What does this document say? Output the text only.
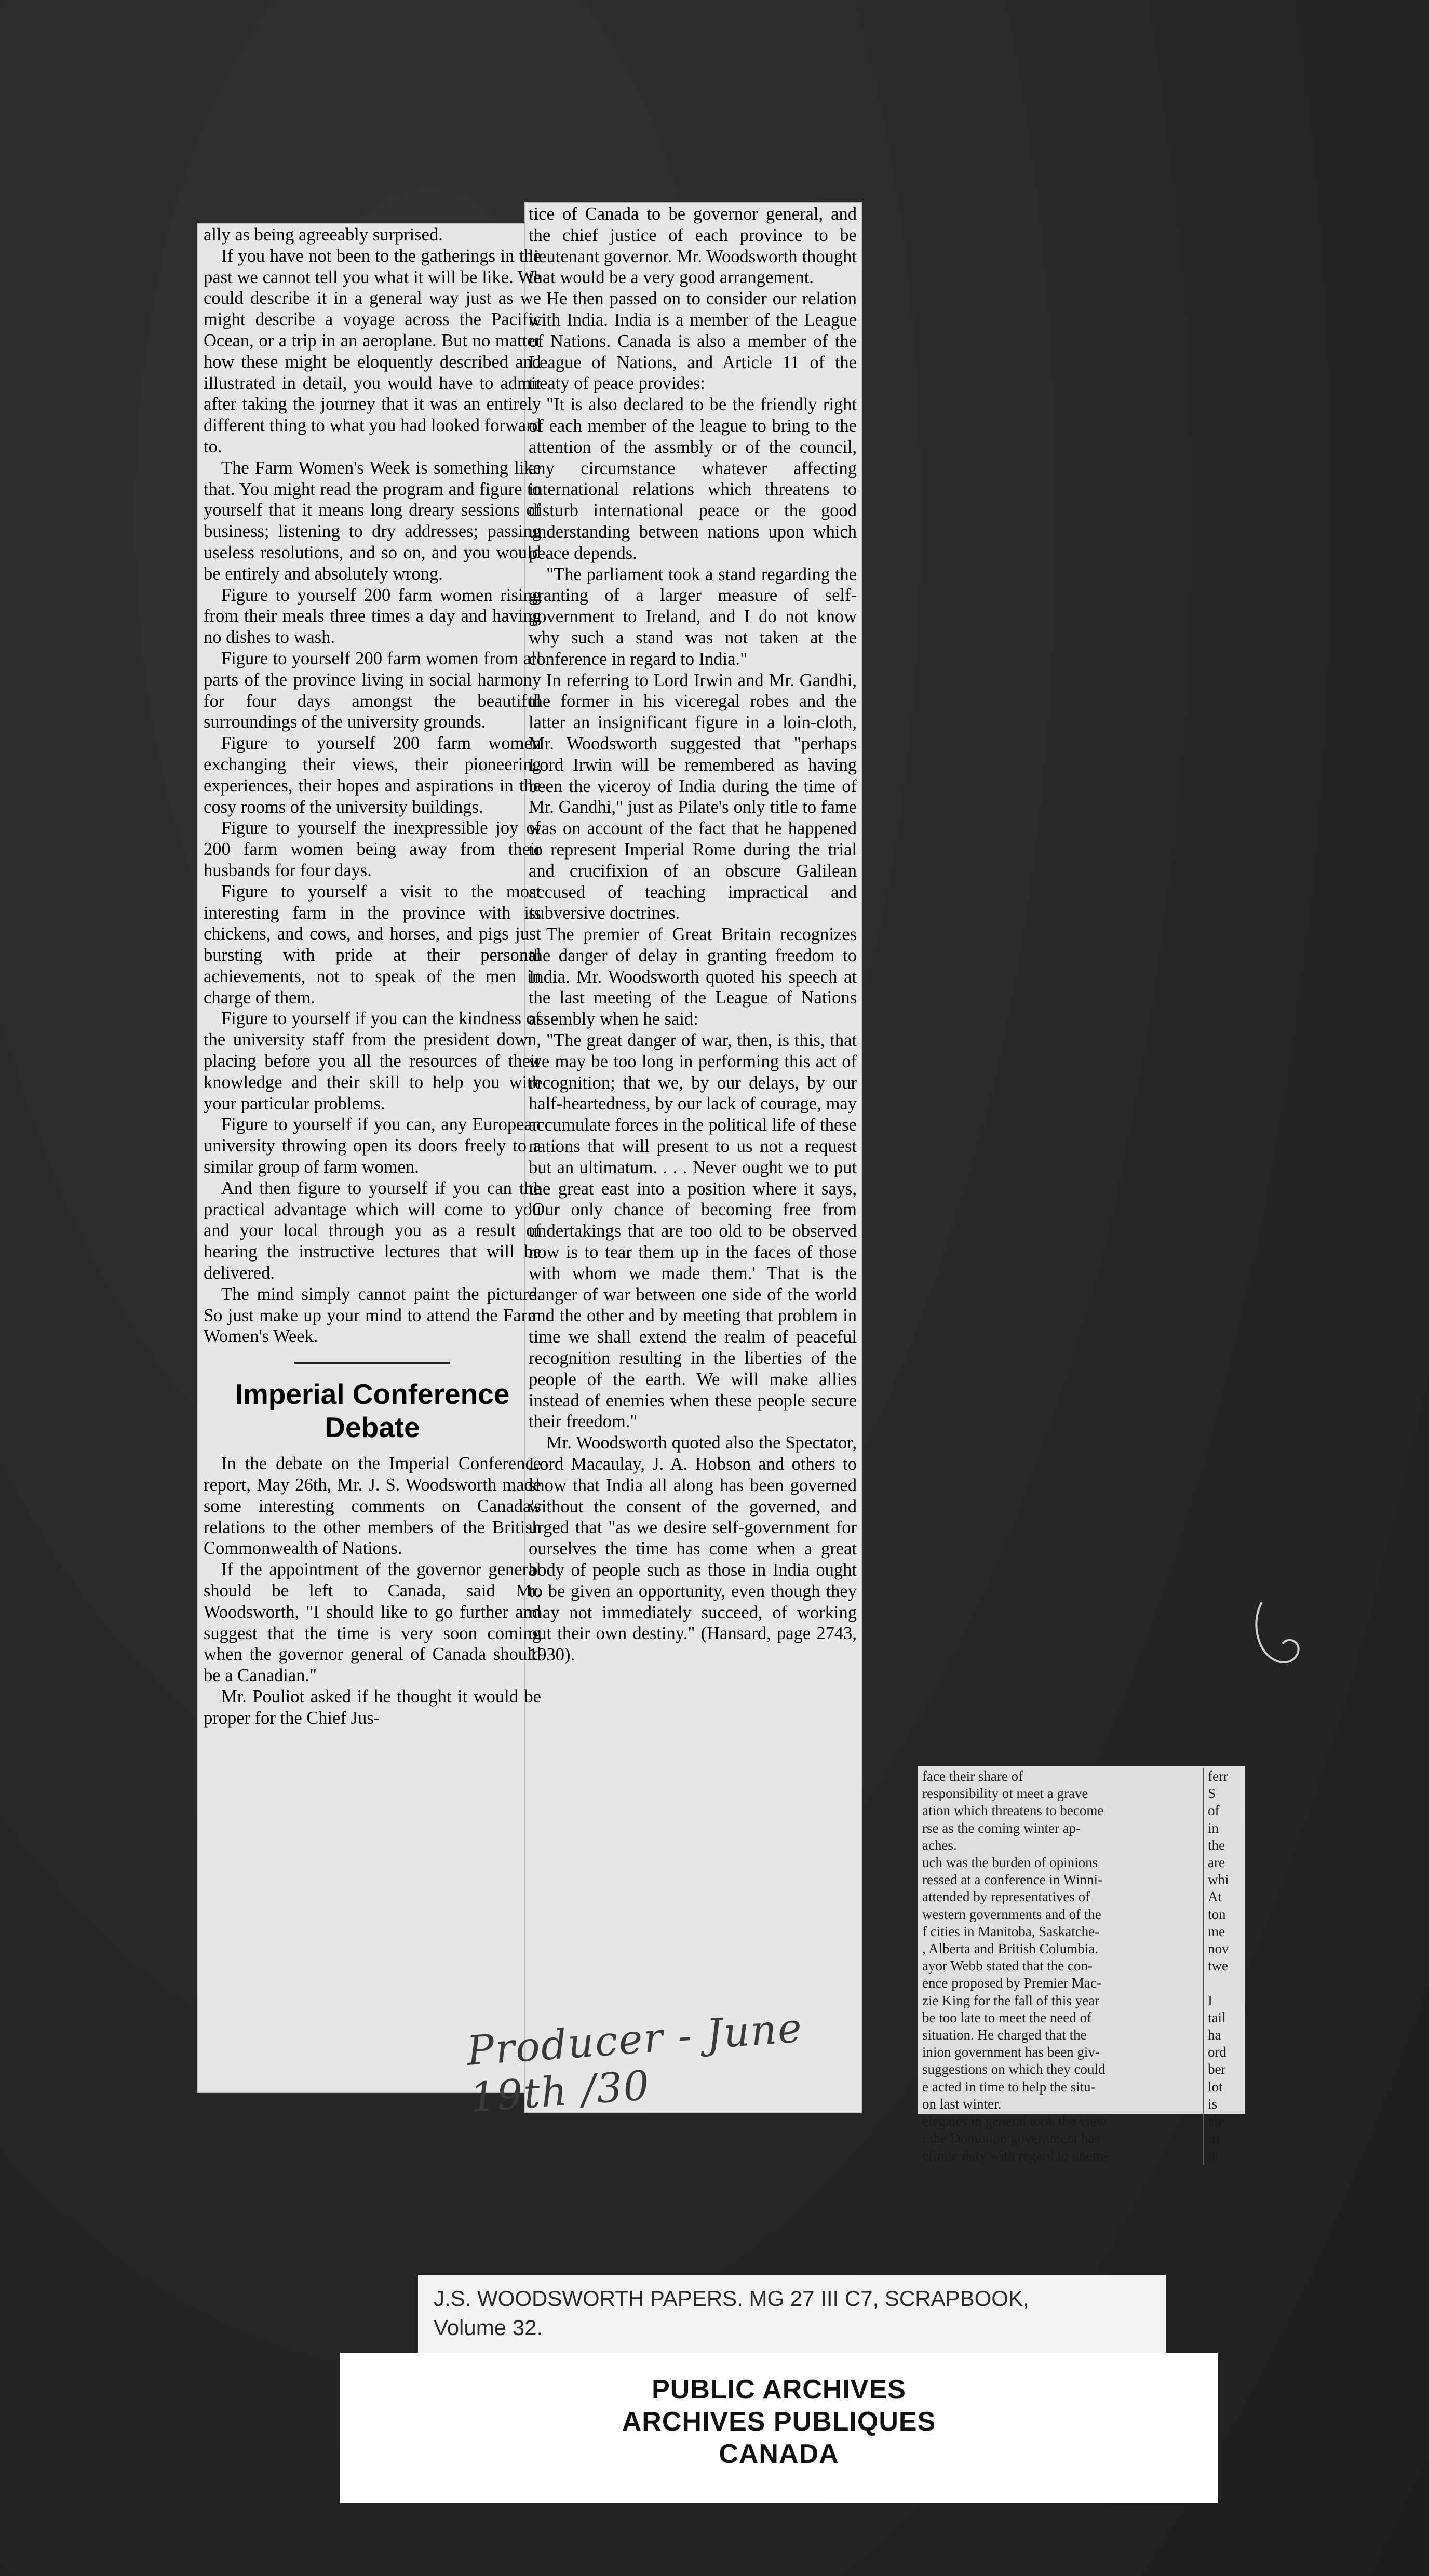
ally as being agreeably surprised.

If you have not been to the gatherings in the past we cannot tell you what it will be like. We could describe it in a general way just as we might describe a voyage across the Pacific Ocean, or a trip in an aeroplane. But no matter how these might be eloquently described and illustrated in detail, you would have to admit after taking the journey that it was an entirely different thing to what you had looked forward to.

The Farm Women's Week is something like that. You might read the program and figure to yourself that it means long dreary sessions of business; listening to dry addresses; passing useless resolutions, and so on, and you would be entirely and absolutely wrong.

Figure to yourself 200 farm women rising from their meals three times a day and having no dishes to wash.

Figure to yourself 200 farm women from all parts of the province living in social harmony for four days amongst the beautiful surroundings of the university grounds.

Figure to yourself 200 farm women exchanging their views, their pioneering experiences, their hopes and aspirations in the cosy rooms of the university buildings.

Figure to yourself the inexpressible joy of 200 farm women being away from their husbands for four days.

Figure to yourself a visit to the most interesting farm in the province with its chickens, and cows, and horses, and pigs just bursting with pride at their personal achievements, not to speak of the men in charge of them.

Figure to yourself if you can the kindness of the university staff from the president down, placing before you all the resources of their knowledge and their skill to help you with your particular problems.

Figure to yourself if you can, any European university throwing open its doors freely to a similar group of farm women.

And then figure to yourself if you can the practical advantage which will come to you and your local through you as a result of hearing the instructive lectures that will be delivered.

The mind simply cannot paint the picture. So just make up your mind to attend the Farm Women's Week.

Imperial Conference Debate

In the debate on the Imperial Conference report, May 26th, Mr. J. S. Woodsworth made some interesting comments on Canada's relations to the other members of the British Commonwealth of Nations.

If the appointment of the governor general should be left to Canada, said Mr. Woodsworth, "I should like to go further and suggest that the time is very soon coming when the governor general of Canada should be a Canadian."

Mr. Pouliot asked if he thought it would be proper for the Chief Jus-

tice of Canada to be governor general, and the chief justice of each province to be lieutenant governor. Mr. Woodsworth thought that would be a very good arrangement.

He then passed on to consider our relation with India. India is a member of the League of Nations. Canada is also a member of the League of Nations, and Article 11 of the treaty of peace provides:

"It is also declared to be the friendly right of each member of the league to bring to the attention of the assmbly or of the council, any circumstance whatever affecting international relations which threatens to disturb international peace or the good understanding between nations upon which peace depends.

"The parliament took a stand regarding the granting of a larger measure of self-government to Ireland, and I do not know why such a stand was not taken at the conference in regard to India."

In referring to Lord Irwin and Mr. Gandhi, the former in his viceregal robes and the latter an insignificant figure in a loin-cloth, Mr. Woodsworth suggested that "perhaps Lord Irwin will be remembered as having been the viceroy of India during the time of Mr. Gandhi," just as Pilate's only title to fame was on account of the fact that he happened to represent Imperial Rome during the trial and crucifixion of an obscure Galilean accused of teaching impractical and subversive doctrines.

The premier of Great Britain recognizes the danger of delay in granting freedom to India. Mr. Woodsworth quoted his speech at the last meeting of the League of Nations assembly when he said:

"The great danger of war, then, is this, that we may be too long in performing this act of recognition; that we, by our delays, by our half-heartedness, by our lack of courage, may accumulate forces in the political life of these nations that will present to us not a request but an ultimatum. . . . Never ought we to put the great east into a position where it says, 'Our only chance of becoming free from undertakings that are too old to be observed now is to tear them up in the faces of those with whom we made them.' That is the danger of war between one side of the world and the other and by meeting that problem in time we shall extend the realm of peaceful recognition resulting in the liberties of the people of the earth. We will make allies instead of enemies when these people secure their freedom."

Mr. Woodsworth quoted also the Spectator, Lord Macaulay, J. A. Hobson and others to show that India all along has been governed without the consent of the governed, and urged that "as we desire self-government for ourselves the time has come when a great body of people such as those in India ought to be given an opportunity, even though they may not immediately succeed, of working out their own destiny." (Hansard, page 2743, 1930).

Producer - June 19th /30
face their share of
responsibility ot meet a grave
ation which threatens to become
rse as the coming winter ap-
aches.
uch was the burden of opinions
ressed at a conference in Winni-
attended by representatives of
western governments and of the
f cities in Manitoba, Saskatche-
, Alberta and British Columbia.
ayor Webb stated that the con-
ence proposed by Premier Mac-
zie King for the fall of this year
be too late to meet the need of
situation. He charged that the
inion government has been giv-
suggestions on which they could
e acted in time to help the situ-
on last winter.
elegates in general took the view
t the Dominion government has
efinite duty with regard to unem-
ferr
S
of
in
the
are
whi
At
ton
me
nov
twe

I
tail
ha
ord
ber
lot
is
ele
tri
th
J.S. WOODSWORTH PAPERS. MG 27 III C7, SCRAPBOOK,
Volume 32.
PUBLIC ARCHIVES
ARCHIVES PUBLIQUES
CANADA
